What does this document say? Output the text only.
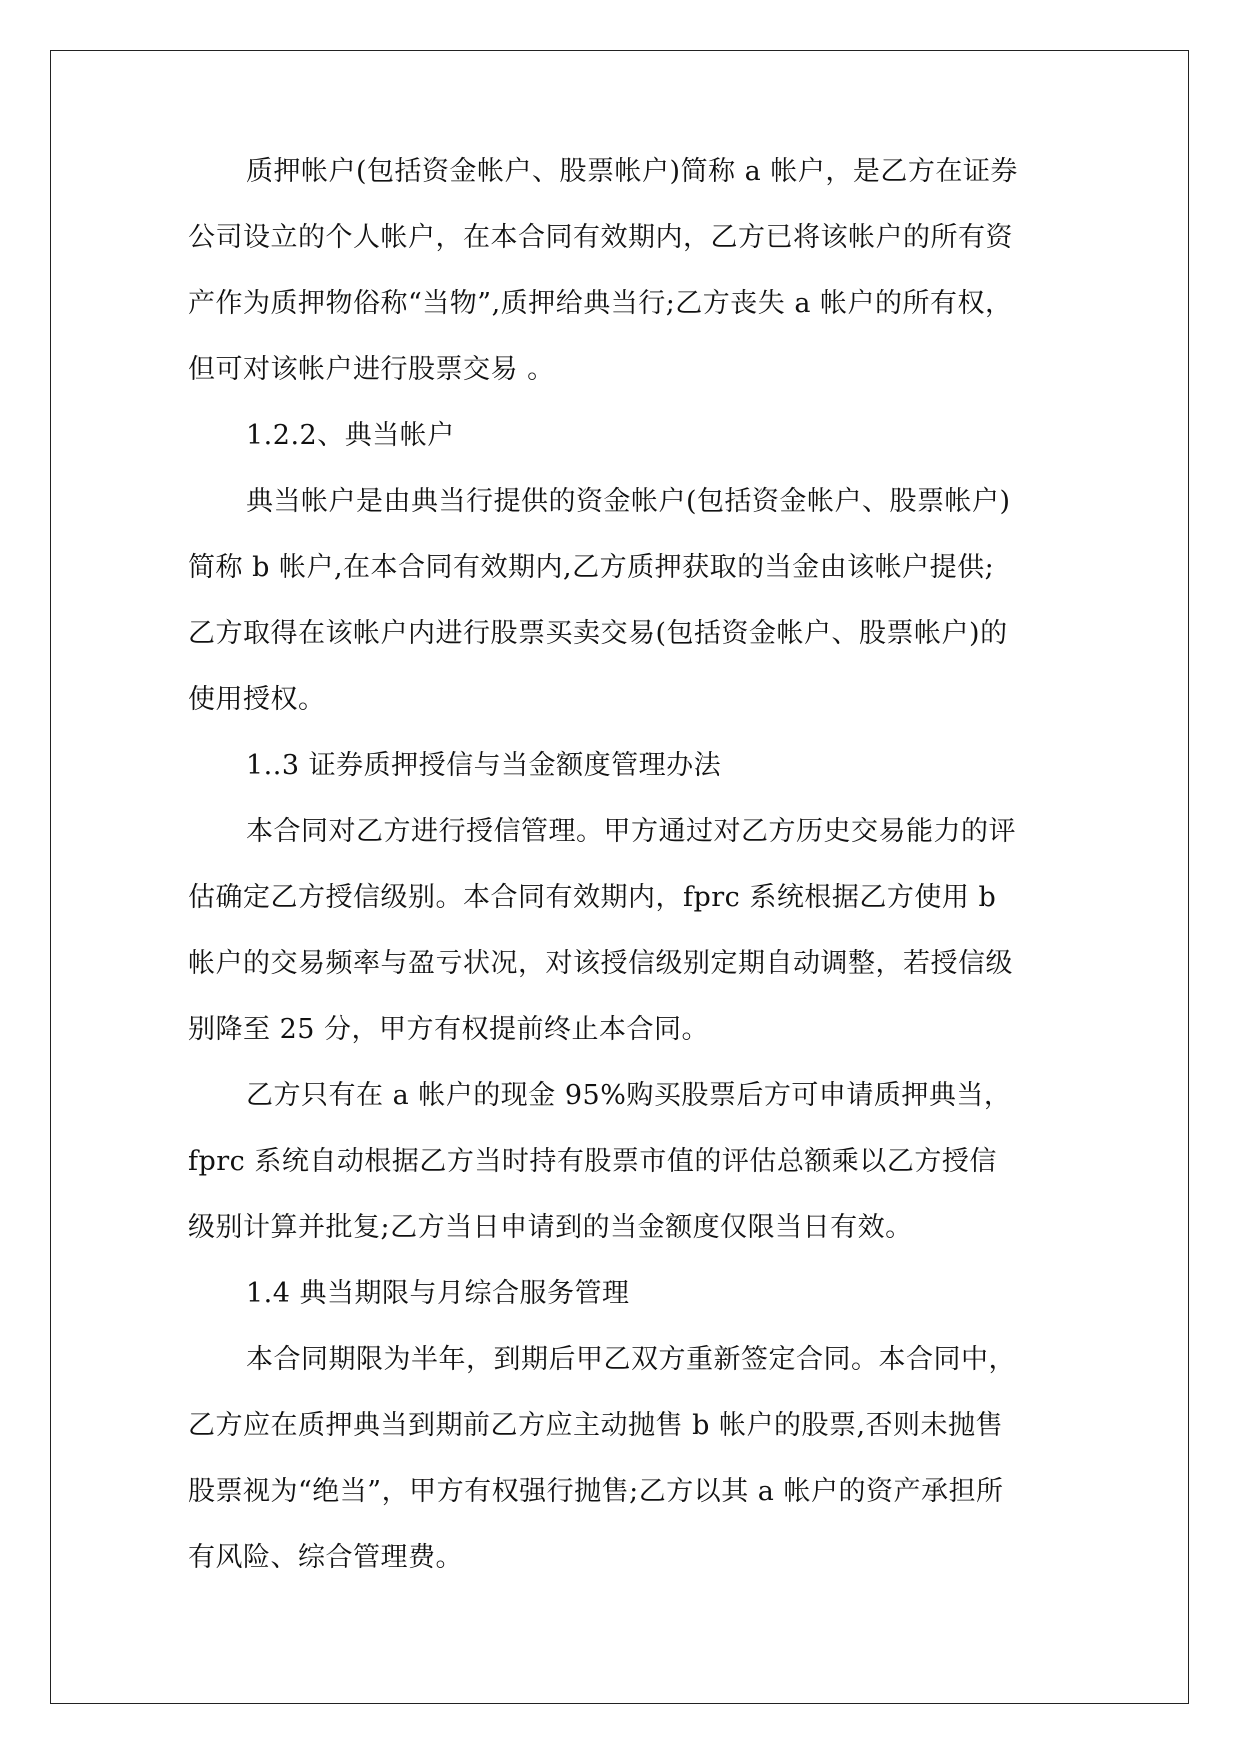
质押帐户(包括资金帐户、股票帐户)简称 a 帐户，是乙方在证券
公司设立的个人帐户，在本合同有效期内，乙方已将该帐户的所有资
产作为质押物俗称“当物”,质押给典当行;乙方丧失 a 帐户的所有权，
但可对该帐户进行股票交易 。
1.2.2、典当帐户
典当帐户是由典当行提供的资金帐户(包括资金帐户、股票帐户)
简称 b 帐户,在本合同有效期内,乙方质押获取的当金由该帐户提供;
乙方取得在该帐户内进行股票买卖交易(包括资金帐户、股票帐户)的
使用授权。
1..3 证券质押授信与当金额度管理办法
本合同对乙方进行授信管理。甲方通过对乙方历史交易能力的评
估确定乙方授信级别。本合同有效期内，fprc 系统根据乙方使用 b
帐户的交易频率与盈亏状况，对该授信级别定期自动调整，若授信级
别降至 25 分，甲方有权提前终止本合同。
乙方只有在 a 帐户的现金 95%购买股票后方可申请质押典当，
fprc 系统自动根据乙方当时持有股票市值的评估总额乘以乙方授信
级别计算并批复;乙方当日申请到的当金额度仅限当日有效。
1.4 典当期限与月综合服务管理
本合同期限为半年，到期后甲乙双方重新签定合同。本合同中，
乙方应在质押典当到期前乙方应主动抛售 b 帐户的股票,否则未抛售
股票视为“绝当”，甲方有权强行抛售;乙方以其 a 帐户的资产承担所
有风险、综合管理费。
